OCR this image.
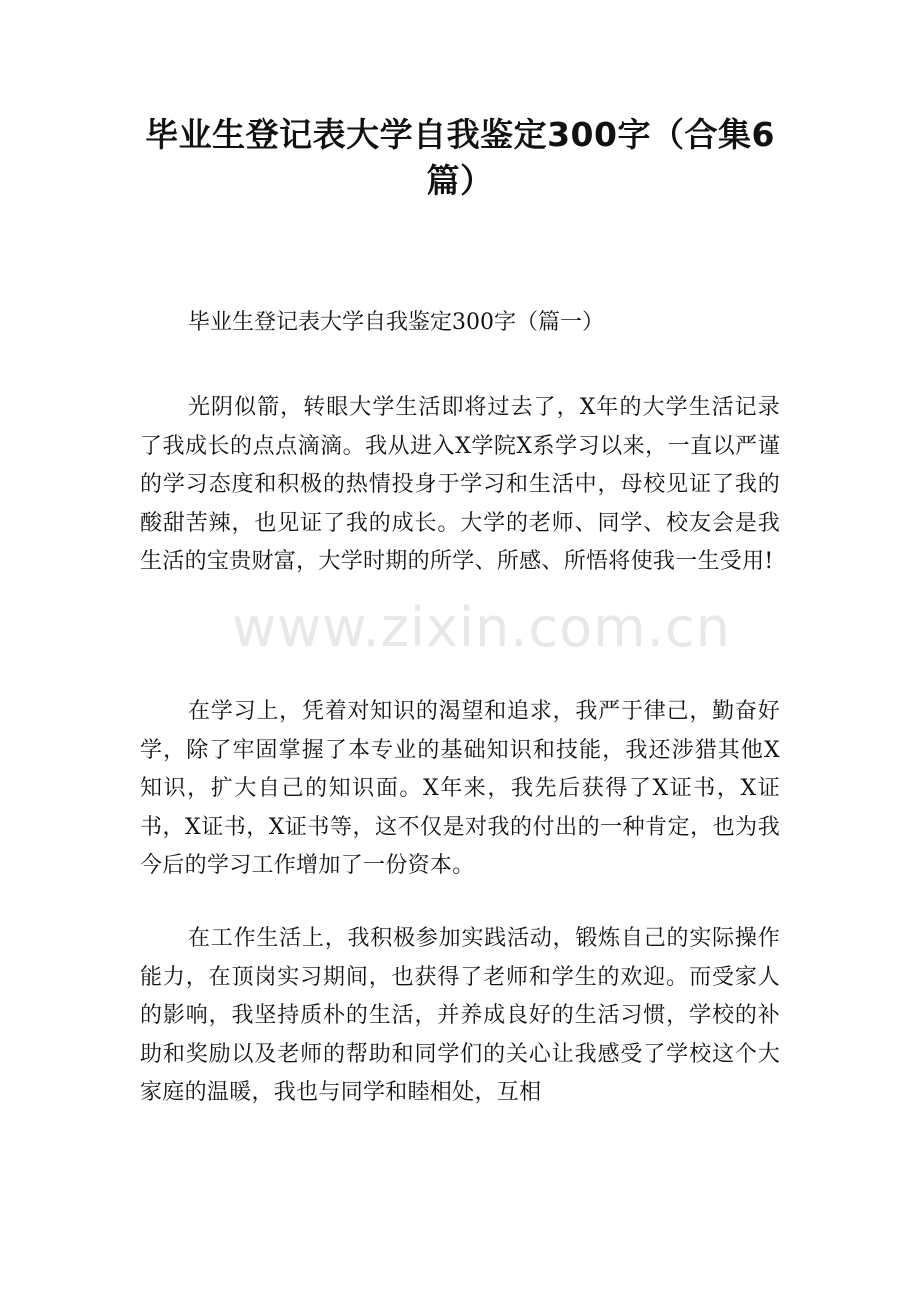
毕业生登记表大学自我鉴定300字（合集6篇）
毕业生登记表大学自我鉴定300字（篇一）

光阴似箭，转眼大学生活即将过去了，X年的大学生活记录了我成长的点点滴滴。我从进入X学院X系学习以来，一直以严谨的学习态度和积极的热情投身于学习和生活中，母校见证了我的酸甜苦辣，也见证了我的成长。大学的老师、同学、校友会是我生活的宝贵财富，大学时期的所学、所感、所悟将使我一生受用!

在学习上，凭着对知识的渴望和追求，我严于律己，勤奋好学，除了牢固掌握了本专业的基础知识和技能，我还涉猎其他X知识，扩大自己的知识面。X年来，我先后获得了X证书，X证书，X证书，X证书等，这不仅是对我的付出的一种肯定，也为我今后的学习工作增加了一份资本。

在工作生活上，我积极参加实践活动，锻炼自己的实际操作能力，在顶岗实习期间，也获得了老师和学生的欢迎。而受家人的影响，我坚持质朴的生活，并养成良好的生活习惯，学校的补助和奖励以及老师的帮助和同学们的关心让我感受了学校这个大家庭的温暖，我也与同学和睦相处，互相

www.zixin.com.cn
